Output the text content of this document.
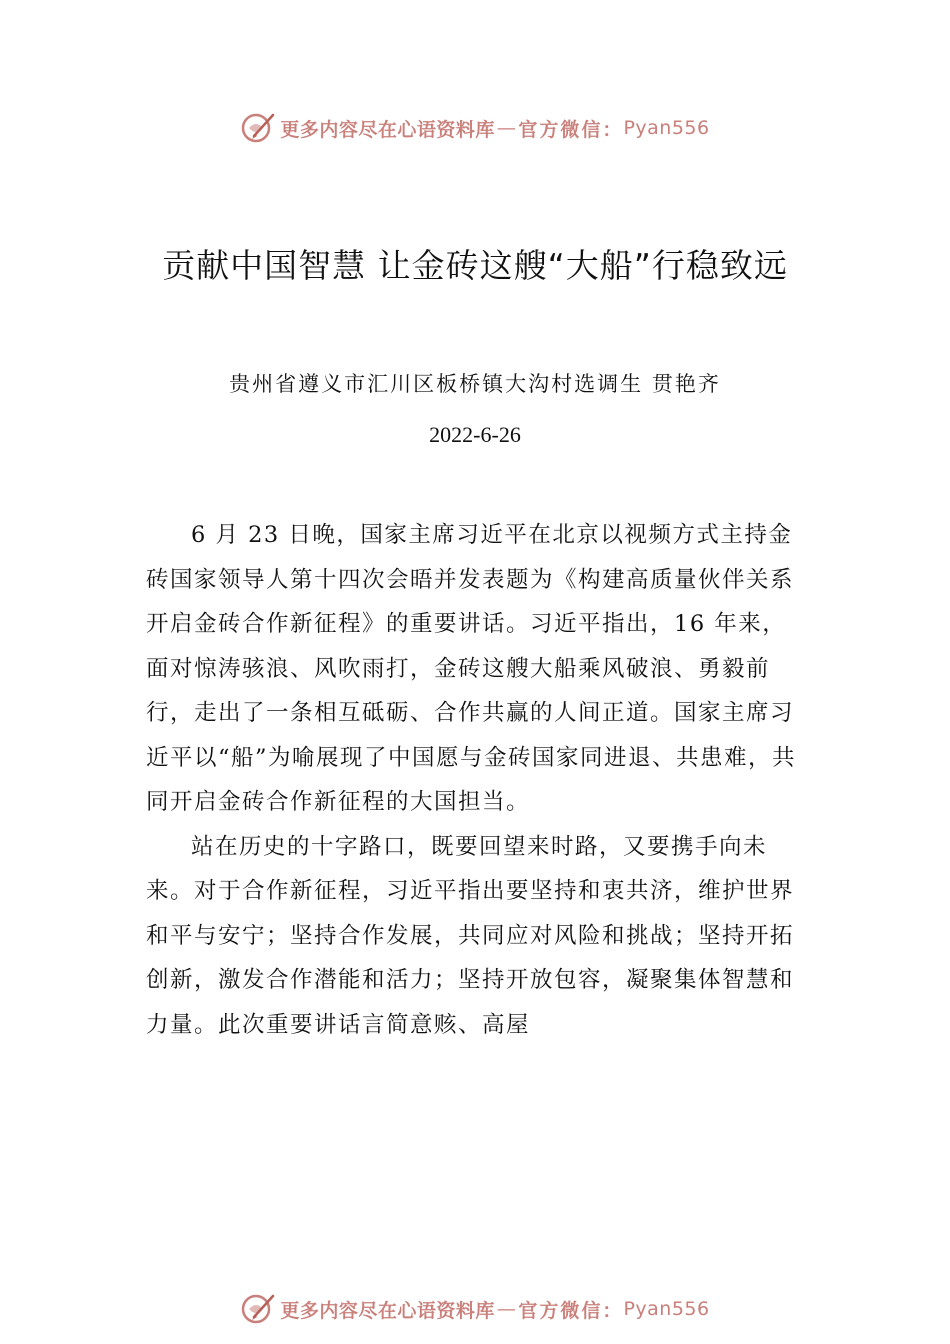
更多内容尽在心语资料库 — 官方微信： Pyan556
贡献中国智慧 让金砖这艘“大船”行稳致远
贵州省遵义市汇川区板桥镇大沟村选调生 贯艳齐
2022-6-26

6 月 23 日晚，国家主席习近平在北京以视频方式主持金砖国家领导人第十四次会晤并发表题为《构建高质量伙伴关系 开启金砖合作新征程》的重要讲话。习近平指出，16 年来，面对惊涛骇浪、风吹雨打，金砖这艘大船乘风破浪、勇毅前行，走出了一条相互砥砺、合作共赢的人间正道。国家主席习近平以“船”为喻展现了中国愿与金砖国家同进退、共患难，共同开启金砖合作新征程的大国担当。

站在历史的十字路口，既要回望来时路，又要携手向未来。对于合作新征程，习近平指出要坚持和衷共济，维护世界和平与安宁；坚持合作发展，共同应对风险和挑战；坚持开拓创新，激发合作潜能和活力；坚持开放包容，凝聚集体智慧和力量。此次重要讲话言简意赅、高屋

更多内容尽在心语资料库 — 官方微信： Pyan556
